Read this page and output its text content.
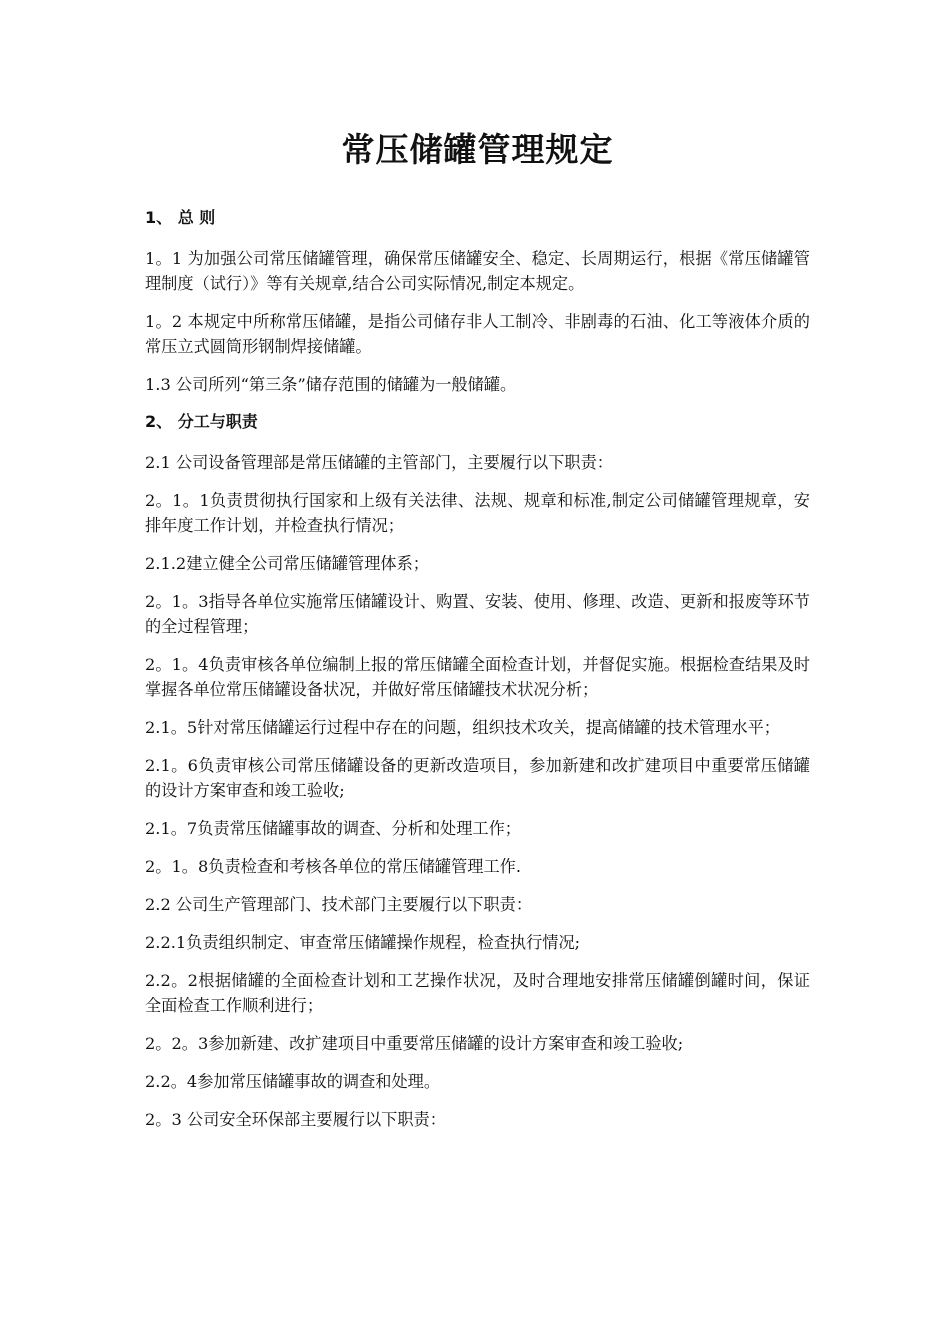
常压储罐管理规定
1、 总 则

1。1 为加强公司常压储罐管理，确保常压储罐安全、稳定、长周期运行，根据《常压储罐管理制度（试行）》等有关规章,结合公司实际情况,制定本规定。

1。2 本规定中所称常压储罐，是指公司储存非人工制冷、非剧毒的石油、化工等液体介质的常压立式圆筒形钢制焊接储罐。

1.3 公司所列“第三条”储存范围的储罐为一般储罐。

2、 分工与职责

2.1 公司设备管理部是常压储罐的主管部门，主要履行以下职责：

2。1。1负责贯彻执行国家和上级有关法律、法规、规章和标准,制定公司储罐管理规章，安排年度工作计划，并检查执行情况；

2.1.2建立健全公司常压储罐管理体系；

2。1。3指导各单位实施常压储罐设计、购置、安装、使用、修理、改造、更新和报废等环节的全过程管理；

2。1。4负责审核各单位编制上报的常压储罐全面检查计划，并督促实施。根据检查结果及时掌握各单位常压储罐设备状况，并做好常压储罐技术状况分析；

2.1。5针对常压储罐运行过程中存在的问题，组织技术攻关，提高储罐的技术管理水平；

2.1。6负责审核公司常压储罐设备的更新改造项目，参加新建和改扩建项目中重要常压储罐的设计方案审查和竣工验收;

2.1。7负责常压储罐事故的调查、分析和处理工作；

2。1。8负责检查和考核各单位的常压储罐管理工作.

2.2 公司生产管理部门、技术部门主要履行以下职责：

2.2.1负责组织制定、审查常压储罐操作规程，检查执行情况;

2.2。2根据储罐的全面检查计划和工艺操作状况，及时合理地安排常压储罐倒罐时间，保证全面检查工作顺利进行；

2。2。3参加新建、改扩建项目中重要常压储罐的设计方案审查和竣工验收;

2.2。4参加常压储罐事故的调查和处理。

2。3 公司安全环保部主要履行以下职责：
